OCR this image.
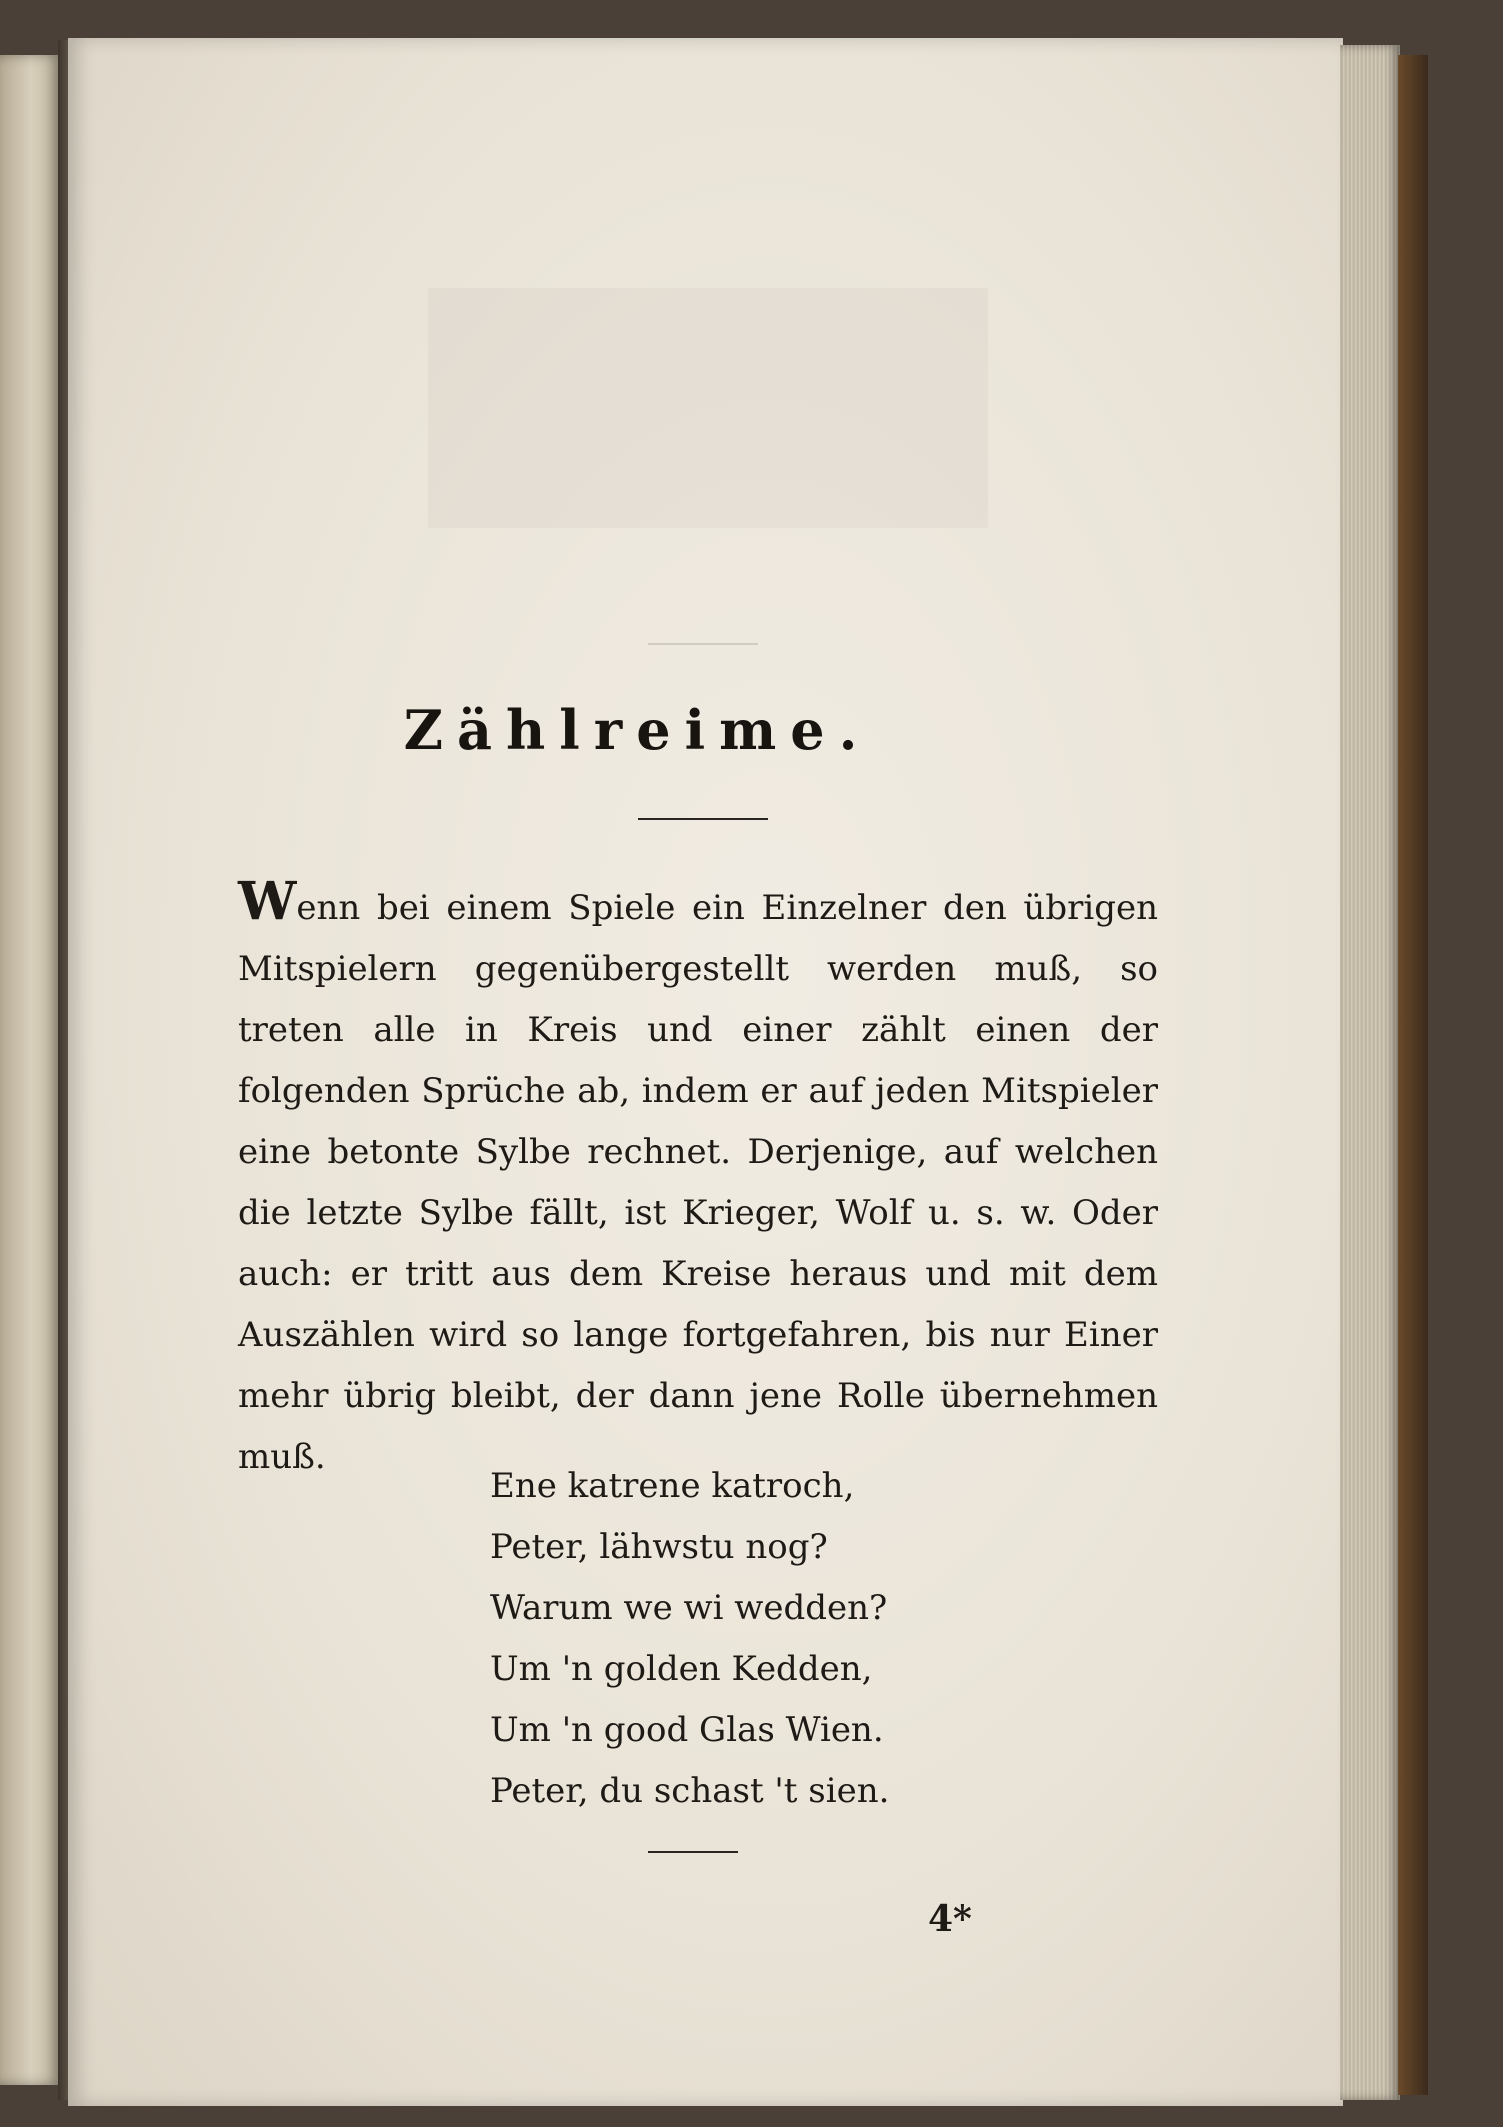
Zählreime.
Wenn bei einem Spiele ein Einzelner den übrigen Mitspielern gegenübergestellt werden muß, so treten alle in Kreis und einer zählt einen der folgenden Sprüche ab, indem er auf jeden Mitspieler eine betonte Sylbe rechnet. Derjenige, auf welchen die letzte Sylbe fällt, ist Krieger, Wolf u. s. w. Oder auch: er tritt aus dem Kreise heraus und mit dem Auszählen wird so lange fortgefahren, bis nur Einer mehr übrig bleibt, der dann jene Rolle übernehmen muß.
Ene katrene katroch,
Peter, lähwstu nog?
Warum we wi wedden?
Um 'n golden Kedden,
Um 'n good Glas Wien.
Peter, du schast 't sien.
4*
